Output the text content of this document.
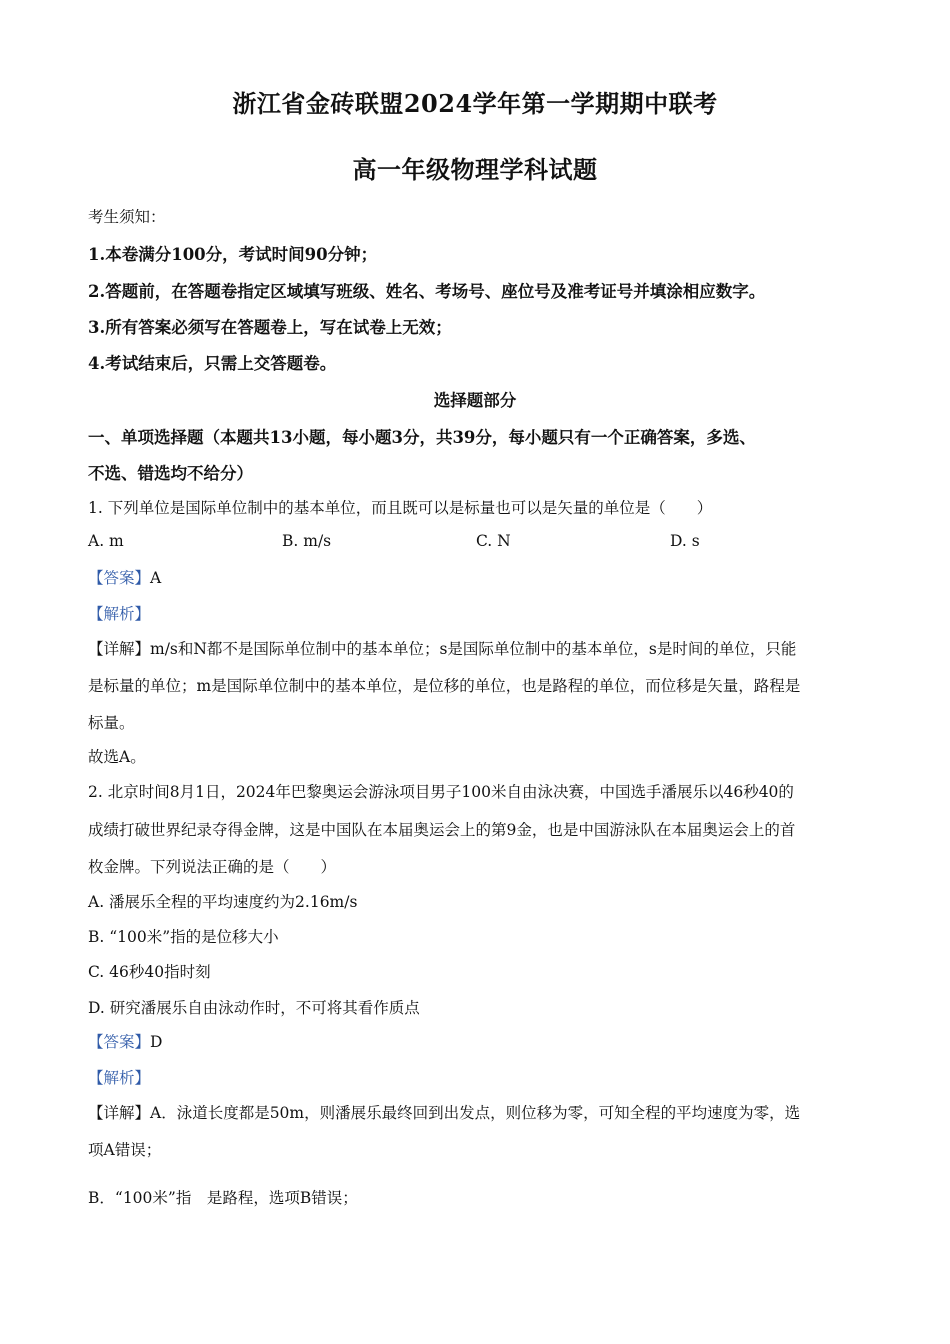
浙江省金砖联盟2024学年第一学期期中联考
高一年级物理学科试题
考生须知：
1.本卷满分100分，考试时间90分钟；
2.答题前，在答题卷指定区域填写班级、姓名、考场号、座位号及准考证号并填涂相应数字。
3.所有答案必须写在答题卷上，写在试卷上无效；
4.考试结束后，只需上交答题卷。
选择题部分
一、单项选择题（本题共13小题，每小题3分，共39分，每小题只有一个正确答案，多选、
不选、错选均不给分）
1. 下列单位是国际单位制中的基本单位，而且既可以是标量也可以是矢量的单位是（　　）
A. m	B. m/s	C. N	D. s
【答案】A
【解析】
【详解】m/s和N都不是国际单位制中的基本单位；s是国际单位制中的基本单位，s是时间的单位，只能
是标量的单位；m是国际单位制中的基本单位，是位移的单位，也是路程的单位，而位移是矢量，路程是
标量。
故选A。
2. 北京时间8月1日，2024年巴黎奥运会游泳项目男子100米自由泳决赛，中国选手潘展乐以46秒40的
成绩打破世界纪录夺得金牌，这是中国队在本届奥运会上的第9金，也是中国游泳队在本届奥运会上的首
枚金牌。下列说法正确的是（　　）
A. 潘展乐全程的平均速度约为2.16m/s
B. “100米”指的是位移大小
C. 46秒40指时刻
D. 研究潘展乐自由泳动作时，不可将其看作质点
【答案】D
【解析】
【详解】A．泳道长度都是50m，则潘展乐最终回到出发点，则位移为零，可知全程的平均速度为零，选
项A错误；
B．“100米”指　是路程，选项B错误；
